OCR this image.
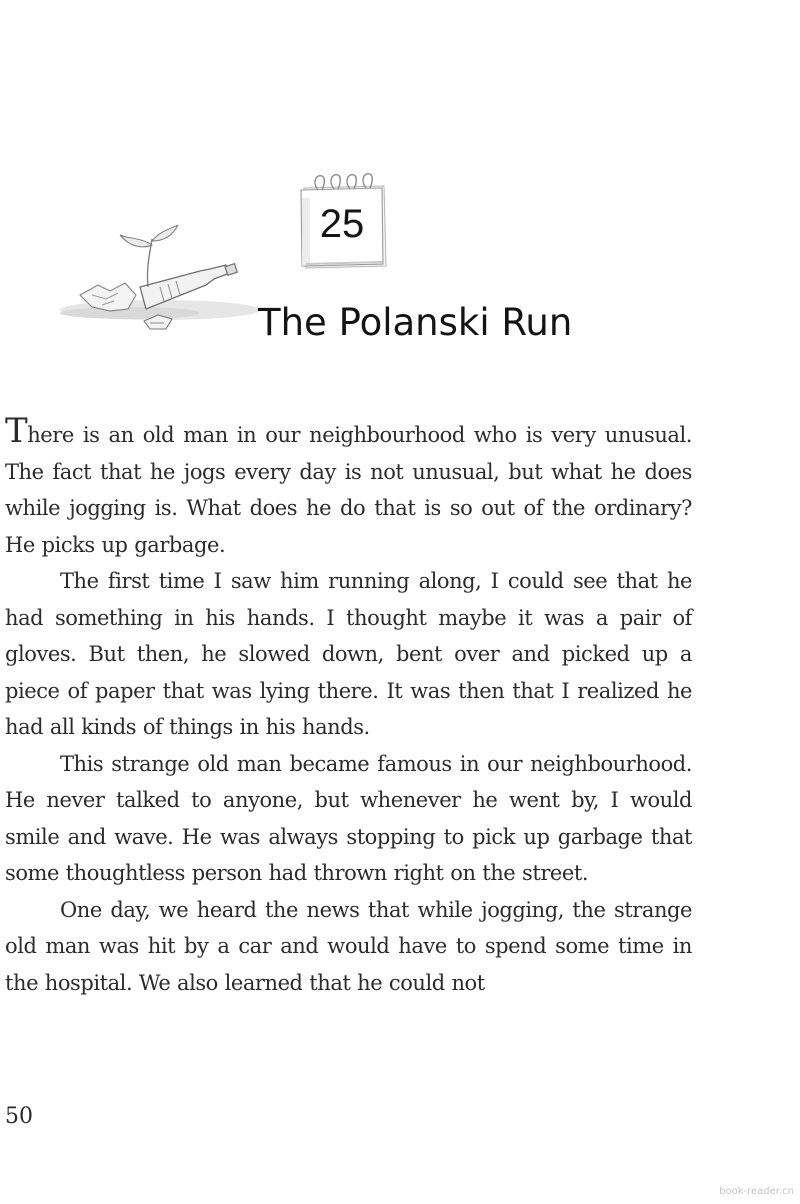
25
The Polanski Run

There is an old man in our neighbourhood who is very unusual. The fact that he jogs every day is not unusual, but what he does while jogging is. What does he do that is so out of the ordinary? He picks up garbage.

The first time I saw him running along, I could see that he had something in his hands. I thought maybe it was a pair of gloves. But then, he slowed down, bent over and picked up a piece of paper that was lying there. It was then that I realized he had all kinds of things in his hands.

This strange old man became famous in our neighbourhood. He never talked to anyone, but whenever he went by, I would smile and wave. He was always stopping to pick up garbage that some thoughtless person had thrown right on the street.

One day, we heard the news that while jogging, the strange old man was hit by a car and would have to spend some time in the hospital. We also learned that he could not

50
book-reader.cn
